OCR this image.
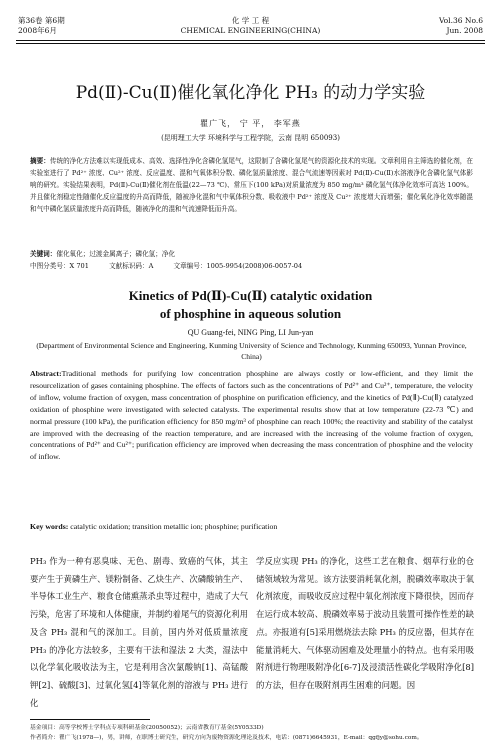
第36卷 第6期
2008年6月
化 学 工 程
CHEMICAL ENGINEERING(CHINA)
Vol.36 No.6
Jun. 2008
Pd(Ⅱ)-Cu(Ⅱ)催化氧化净化 PH₃ 的动力学实验
瞿广飞， 宁 平， 李军燕
(昆明理工大学 环境科学与工程学院，云南 昆明 650093)
摘要：传统的净化方法难以实现低成本、高效、选择性净化含磷化氢尾气，这限制了含磷化氢尾气的资源化技术的实现。文章利用自主筛选的催化剂，在实验室进行了 Pd²⁺ 浓度、Cu²⁺ 浓度、反应温度、混和气氧体积分数、磷化氢质量浓度、混合气流速等因素对 Pd(Ⅱ)-Cu(Ⅱ)水溶液净化含磷化氢气体影响的研究。实验结果表明，Pd(Ⅱ)-Cu(Ⅱ)催化剂在低温(22—73 ℃)、常压下(100 kPa)对质量浓度为 850 mg/m³ 磷化氢气体净化效率可高达 100%。并且催化剂稳定性随催化反应温度的升高而降低，随被净化混和气中氧体积分数、吸收液中 Pd²⁺ 浓度及 Cu²⁺ 浓度增大而增强；催化氧化净化效率随混和气中磷化氢质量浓度升高而降低，随被净化的混和气流速降低而升高。
关键词：催化氧化；过渡金属离子；磷化氢；净化
中图分类号：X 701	文献标识码：A	文章编号：1005-9954(2008)06-0057-04
Kinetics of Pd(Ⅱ)-Cu(Ⅱ) catalytic oxidation
of phosphine in aqueous solution
QU Guang-fei, NING Ping, LI Jun-yan
(Department of Environmental Science and Engineering, Kunming University of Science and Technology, Kunming 650093, Yunnan Province, China)
Abstract:Traditional methods for purifying low concentration phosphine are always costly or low-efficient, and they limit the resourcelization of gases containing phosphine. The effects of factors such as the concentrations of Pd²⁺ and Cu²⁺, temperature, the velocity of inflow, volume fraction of oxygen, mass concentration of phosphine on purification efficiency, and the kinetics of Pd(Ⅱ)-Cu(Ⅱ) catalyzed oxidation of phosphine were investigated with selected catalysts. The experimental results show that at low temperature (22-73 ℃) and normal pressure (100 kPa), the purification efficiency for 850 mg/m³ of phosphine can reach 100%; the reactivity and stability of the catalyst are improved with the decreasing of the reaction temperature, and are increased with the increasing of the volume fraction of oxygen, concentrations of Pd²⁺ and Cu²⁺; purification efficiency are improved when decreasing the mass concentration of phosphine and the velocity of inflow.
Key words: catalytic oxidation; transition metallic ion; phosphine; purification
PH₃ 作为一种有恶臭味、无色、剧毒、致癌的气体，其主要产生于黄磷生产、镁粉制备、乙炔生产、次磷酸钠生产、半导体工业生产、粮食仓储熏蒸杀虫等过程中，造成了大气污染，危害了环境和人体健康，并制约着尾气的资源化利用及含 PH₃ 混和气的深加工。目前，国内外对低质量浓度 PH₃ 的净化方法较多，主要有干法和湿法 2 大类，湿法中以化学氧化吸收法为主，它是利用含次氯酸钠[1]、高锰酸钾[2]、硫酸[3]、过氧化氢[4]等氧化剂的溶液与 PH₃ 进行化
学反应实现 PH₃ 的净化，这些工艺在粮食、烟草行业的仓储领域较为常见。该方法要消耗氧化剂，脱磷效率取决于氧化剂浓度，而吸收反应过程中氧化剂浓度下降很快，因而存在运行成本较高、脱磷效率易于波动且装置可操作性差的缺点。亦报道有[5]采用燃烧法去除 PH₃ 的反应器，但其存在能量消耗大、气体驱动困难及处理量小的特点。也有采用吸附剂进行物理吸附净化[6-7]及浸渍活性碳化学吸附净化[8]的方法，但存在吸附剂再生困难的问题。因
基金项目：高等学校博士学科点专项科研基金(20050052)；云南省教育厅基金(5Y0533D)
作者简介：瞿广飞(1978—)，男，讲师，在职博士研究生，研究方向为废物资源化理论及技术，电话：(0871)6645931，E-mail：qgfjy@sohu.com。
